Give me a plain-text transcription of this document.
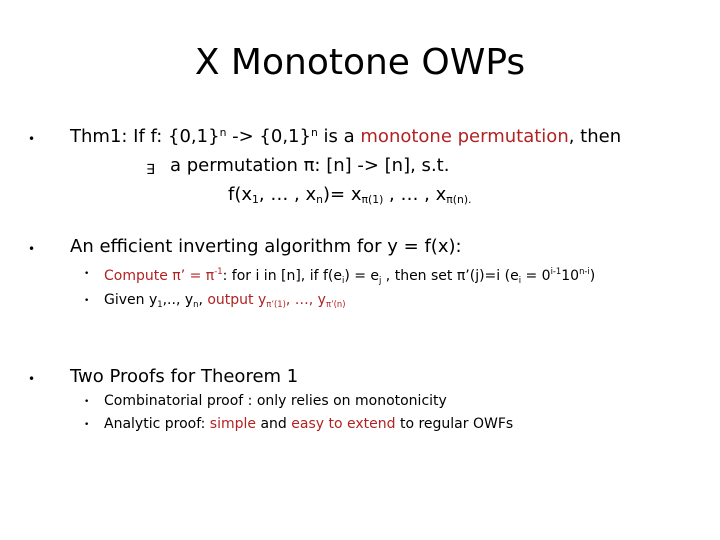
X Monotone OWPs
• Thm1: If f: $\{0,1\}^n -> \{0,1\}^n$ is a monotone permutation, then
∃ a permutation π: [n] -> [n], s.t.
$f(x_1$, … , $x_n)= x_{\pi(1)}$ , … , $x_{\pi(n).}$
• An efficient inverting algorithm for y = f(x):
• Compute π’ = $\pi^{-1}$: for i in [n], if $f(e_i) = e_j$ , then set π’(j)=i $(e_i = 0^{i-1}10^{n-i})$
• Given $y_1$,.., $y_n$, output $y_{\pi’(1)}$, …, $y_{\pi’(n)}$
• Two Proofs for Theorem 1
• Combinatorial proof : only relies on monotonicity
• Analytic proof: simple and easy to extend to regular OWFs
